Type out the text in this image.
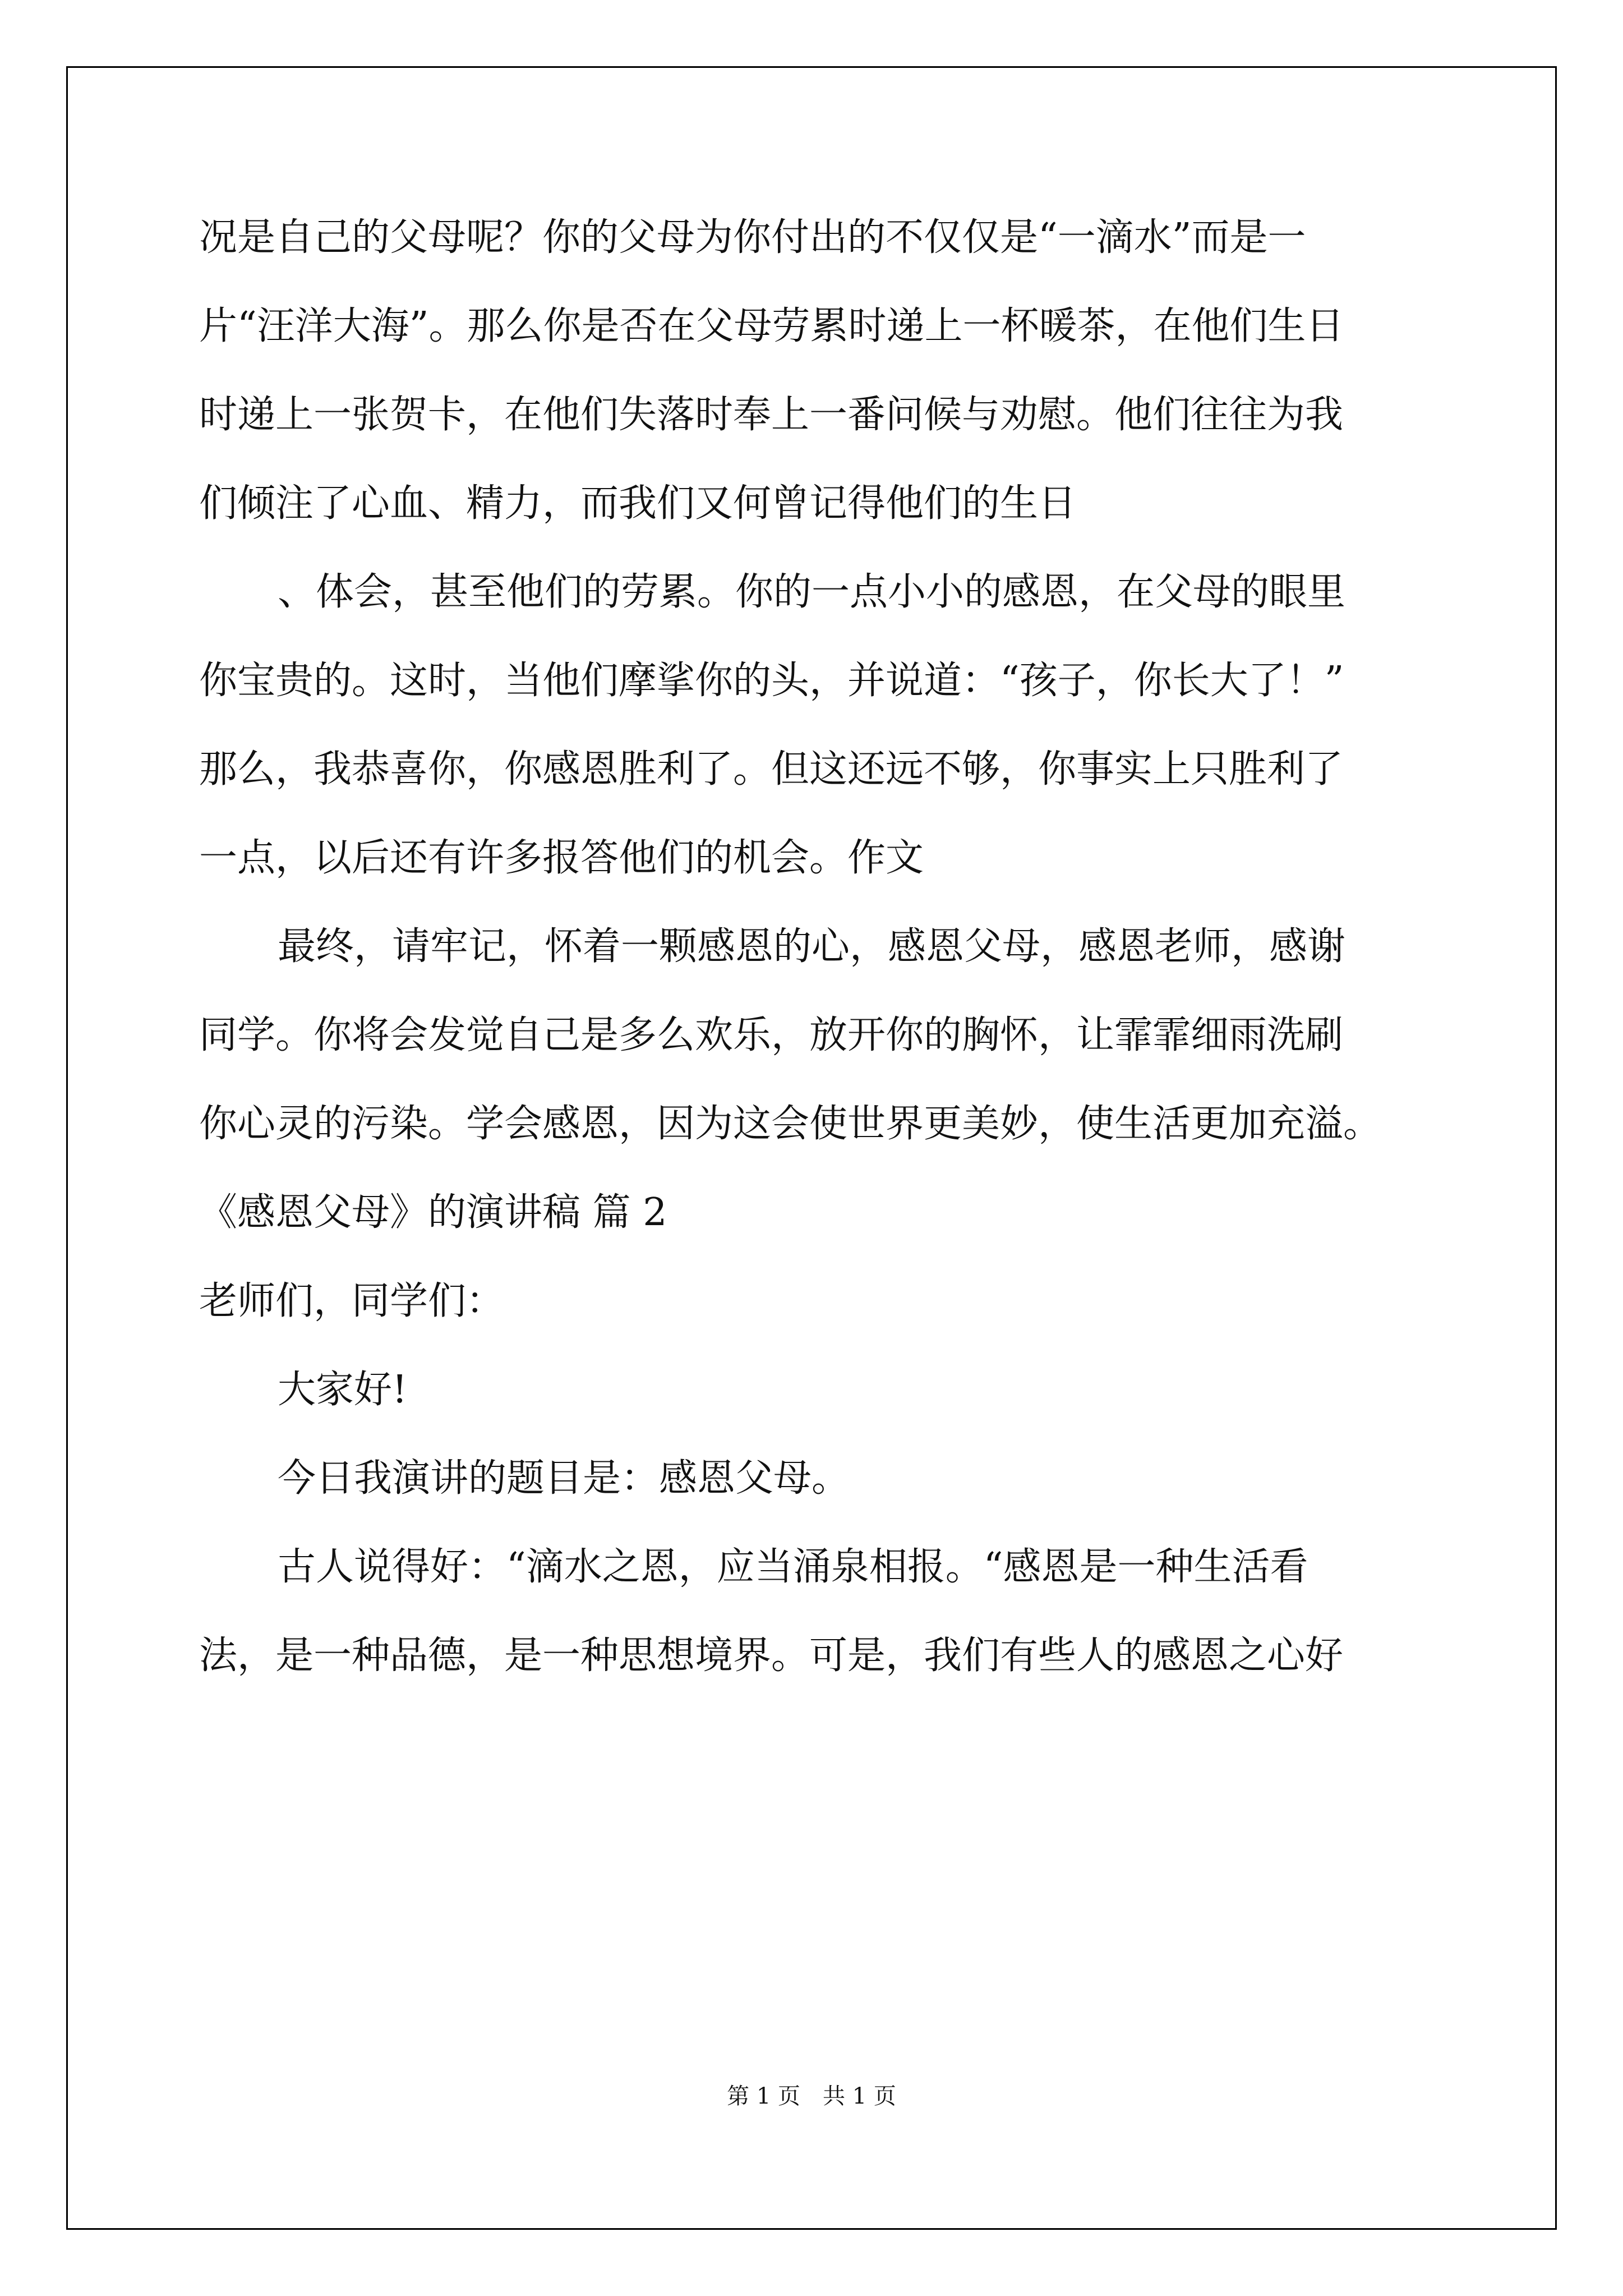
况是自己的父母呢？你的父母为你付出的不仅仅是“一滴水”而是一
片“汪洋大海”。那么你是否在父母劳累时递上一杯暖茶，在他们生日
时递上一张贺卡，在他们失落时奉上一番问候与劝慰。他们往往为我
们倾注了心血、精力，而我们又何曾记得他们的生日
、体会，甚至他们的劳累。你的一点小小的感恩，在父母的眼里
你宝贵的。这时，当他们摩挲你的头，并说道：“孩子，你长大了！”
那么，我恭喜你，你感恩胜利了。但这还远不够，你事实上只胜利了
一点，以后还有许多报答他们的机会。作文
最终，请牢记，怀着一颗感恩的心，感恩父母，感恩老师，感谢
同学。你将会发觉自己是多么欢乐，放开你的胸怀，让霏霏细雨洗刷
你心灵的污染。学会感恩，因为这会使世界更美妙，使生活更加充溢。
《感恩父母》的演讲稿 篇 2
老师们，同学们：
大家好!
今日我演讲的题目是：感恩父母。
古人说得好：“滴水之恩，应当涌泉相报。“感恩是一种生活看
法，是一种品德，是一种思想境界。可是，我们有些人的感恩之心好
第 1 页　共 1 页
